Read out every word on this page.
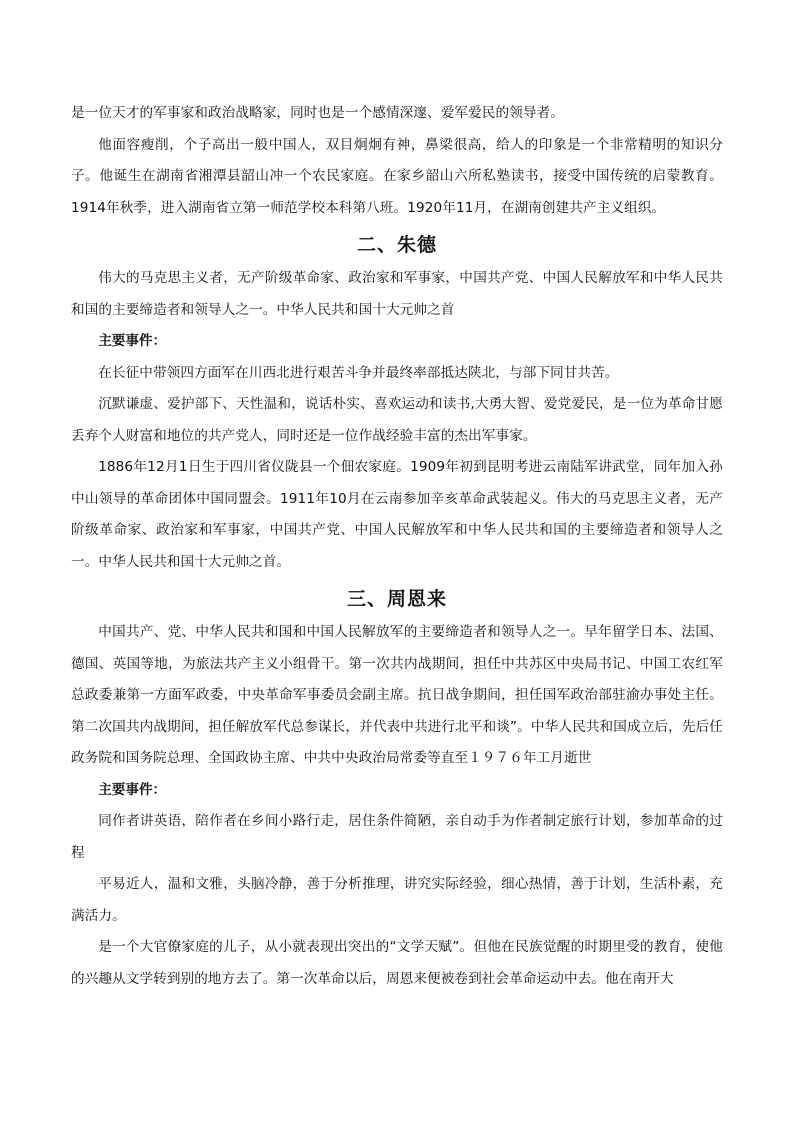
是一位天才的军事家和政治战略家，同时也是一个感情深邃、爱军爱民的领导者。

他面容瘦削，个子高出一般中国人，双目炯炯有神，鼻梁很高，给人的印象是一个非常精明的知识分子。他诞生在湖南省湘潭县韶山冲一个农民家庭。在家乡韶山六所私塾读书，接受中国传统的启蒙教育。1914年秋季，进入湖南省立第一师范学校本科第八班。1920年11月，在湖南创建共产主义组织。

二、朱德

伟大的马克思主义者，无产阶级革命家、政治家和军事家，中国共产党、中国人民解放军和中华人民共和国的主要缔造者和领导人之一。中华人民共和国十大元帅之首

主要事件：

在长征中带领四方面军在川西北进行艰苦斗争并最终率部抵达陕北，与部下同甘共苦。

沉默谦虚、爱护部下、天性温和，说话朴实、喜欢运动和读书,大勇大智、爱党爱民，是一位为革命甘愿丢弃个人财富和地位的共产党人，同时还是一位作战经验丰富的杰出军事家。

1886年12月1日生于四川省仪陇县一个佃农家庭。1909年初到昆明考进云南陆军讲武堂，同年加入孙中山领导的革命团体中国同盟会。1911年10月在云南参加辛亥革命武装起义。伟大的马克思主义者，无产阶级革命家、政治家和军事家，中国共产党、中国人民解放军和中华人民共和国的主要缔造者和领导人之一。中华人民共和国十大元帅之首。

三、周恩来

中国共产、党、中华人民共和国和中国人民解放军的主要缔造者和领导人之一。早年留学日本、法国、德国、英国等地，为旅法共产主义小组骨干。第一次共内战期间，担任中共苏区中央局书记、中国工农红军总政委兼第一方面军政委，中央革命军事委员会副主席。抗日战争期间，担任国军政治部驻渝办事处主任。第二次国共内战期间，担任解放军代总参谋长，并代表中共进行北平和谈”。中华人民共和国成立后，先后任政务院和国务院总理、全国政协主席、中共中央政治局常委等直至１９７６年工月逝世

主要事件：

同作者讲英语，陪作者在乡间小路行走，居住条件简陋，亲自动手为作者制定旅行计划，参加革命的过程

平易近人，温和文雅，头脑冷静，善于分析推理，讲究实际经验，细心热情，善于计划，生活朴素，充满活力。

是一个大官僚家庭的儿子，从小就表现出突出的“文学天赋”。但他在民族觉醒的时期里受的教育，使他的兴趣从文学转到别的地方去了。第一次革命以后，周恩来便被卷到社会革命运动中去。他在南开大
